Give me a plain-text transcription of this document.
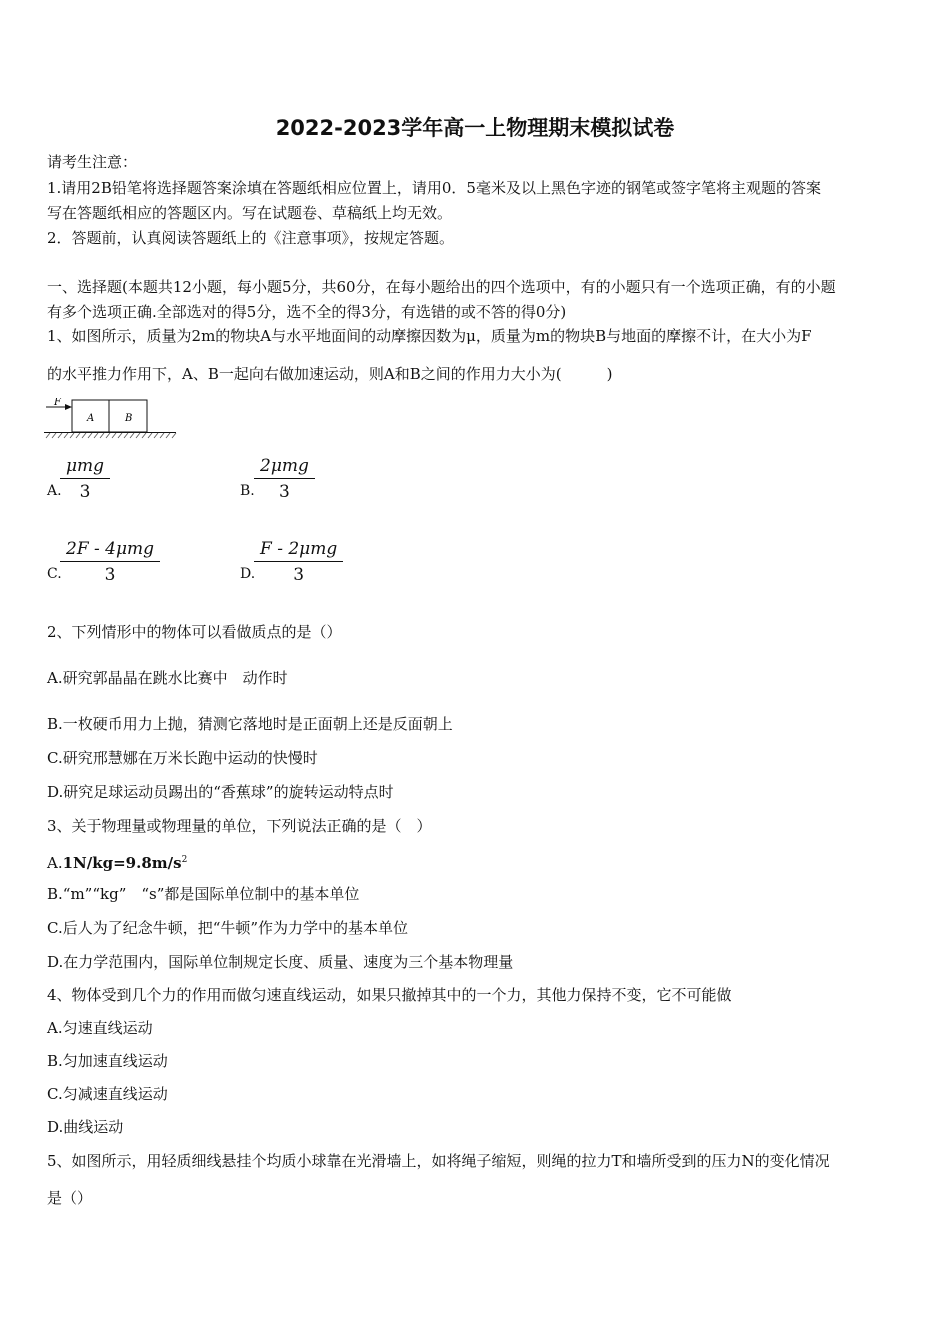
2022-2023学年高一上物理期末模拟试卷
请考生注意：
1.请用2B铅笔将选择题答案涂填在答题纸相应位置上，请用0．5毫米及以上黑色字迹的钢笔或签字笔将主观题的答案
写在答题纸相应的答题区内。写在试题卷、草稿纸上均无效。
2．答题前，认真阅读答题纸上的《注意事项》，按规定答题。
一、选择题(本题共12小题，每小题5分，共60分，在每小题给出的四个选项中，有的小题只有一个选项正确，有的小题
有多个选项正确.全部选对的得5分，选不全的得3分，有选错的或不答的得0分)
1、如图所示，质量为2m的物块A与水平地面间的动摩擦因数为μ，质量为m的物块B与地面的摩擦不计，在大小为F
的水平推力作用下，A、B一起向右做加速运动，则A和B之间的作用力大小为(　　　)
F
A	B
A.
μmg
3	B.
2μmg
3
C.
2F - 4μmg
3	D.
F - 2μmg
3
2、下列情形中的物体可以看做质点的是（）
A.研究郭晶晶在跳水比赛中　动作时
B.一枚硬币用力上抛，猜测它落地时是正面朝上还是反面朝上
C.研究邢慧娜在万米长跑中运动的快慢时
D.研究足球运动员踢出的“香蕉球”的旋转运动特点时
3、关于物理量或物理量的单位，下列说法正确的是（　）
$A.1N/kg=9.8m/s^2$
B.“m”“kg”　“s”都是国际单位制中的基本单位
C.后人为了纪念牛顿，把“牛顿”作为力学中的基本单位
D.在力学范围内，国际单位制规定长度、质量、速度为三个基本物理量
4、物体受到几个力的作用而做匀速直线运动，如果只撤掉其中的一个力，其他力保持不变，它不可能做
A.匀速直线运动
B.匀加速直线运动
C.匀减速直线运动
D.曲线运动
5、如图所示，用轻质细线悬挂个均质小球靠在光滑墙上，如将绳子缩短，则绳的拉力T和墙所受到的压力N的变化情况
是（）
